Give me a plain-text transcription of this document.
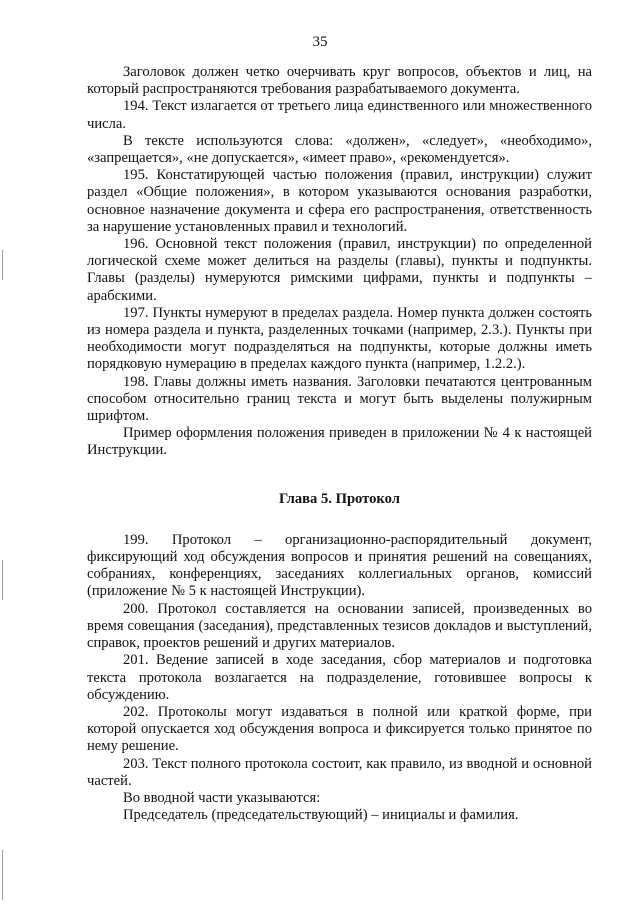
35

Заголовок должен четко очерчивать круг вопросов, объектов и лиц, на который распространяются требования разрабатываемого документа.

194. Текст излагается от третьего лица единственного или множественного числа.

В тексте используются слова: «должен», «следует», «необходимо», «запрещается», «не допускается», «имеет право», «рекомендуется».

195. Констатирующей частью положения (правил, инструкции) служит раздел «Общие положения», в котором указываются основания разработки, основное назначение документа и сфера его распространения, ответственность за нарушение установленных правил и технологий.

196. Основной текст положения (правил, инструкции) по определенной логической схеме может делиться на разделы (главы), пункты и подпункты. Главы (разделы) нумеруются римскими цифрами, пункты и подпункты – арабскими.

197. Пункты нумеруют в пределах раздела. Номер пункта должен состоять из номера раздела и пункта, разделенных точками (например, 2.3.). Пункты при необходимости могут подразделяться на подпункты, которые должны иметь порядковую нумерацию в пределах каждого пункта (например, 1.2.2.).

198. Главы должны иметь названия. Заголовки печатаются центрованным способом относительно границ текста и могут быть выделены полужирным шрифтом.

Пример оформления положения приведен в приложении № 4 к настоящей Инструкции.

Глава 5. Протокол

199. Протокол – организационно-распорядительный документ, фиксирующий ход обсуждения вопросов и принятия решений на совещаниях, собраниях, конференциях, заседаниях коллегиальных органов, комиссий (приложение № 5 к настоящей Инструкции).

200. Протокол составляется на основании записей, произведенных во время совещания (заседания), представленных тезисов докладов и выступлений, справок, проектов решений и других материалов.

201. Ведение записей в ходе заседания, сбор материалов и подготовка текста протокола возлагается на подразделение, готовившее вопросы к обсуждению.

202. Протоколы могут издаваться в полной или краткой форме, при которой опускается ход обсуждения вопроса и фиксируется только принятое по нему решение.

203. Текст полного протокола состоит, как правило, из вводной и основной частей.

Во вводной части указываются:

Председатель (председательствующий) – инициалы и фамилия.
